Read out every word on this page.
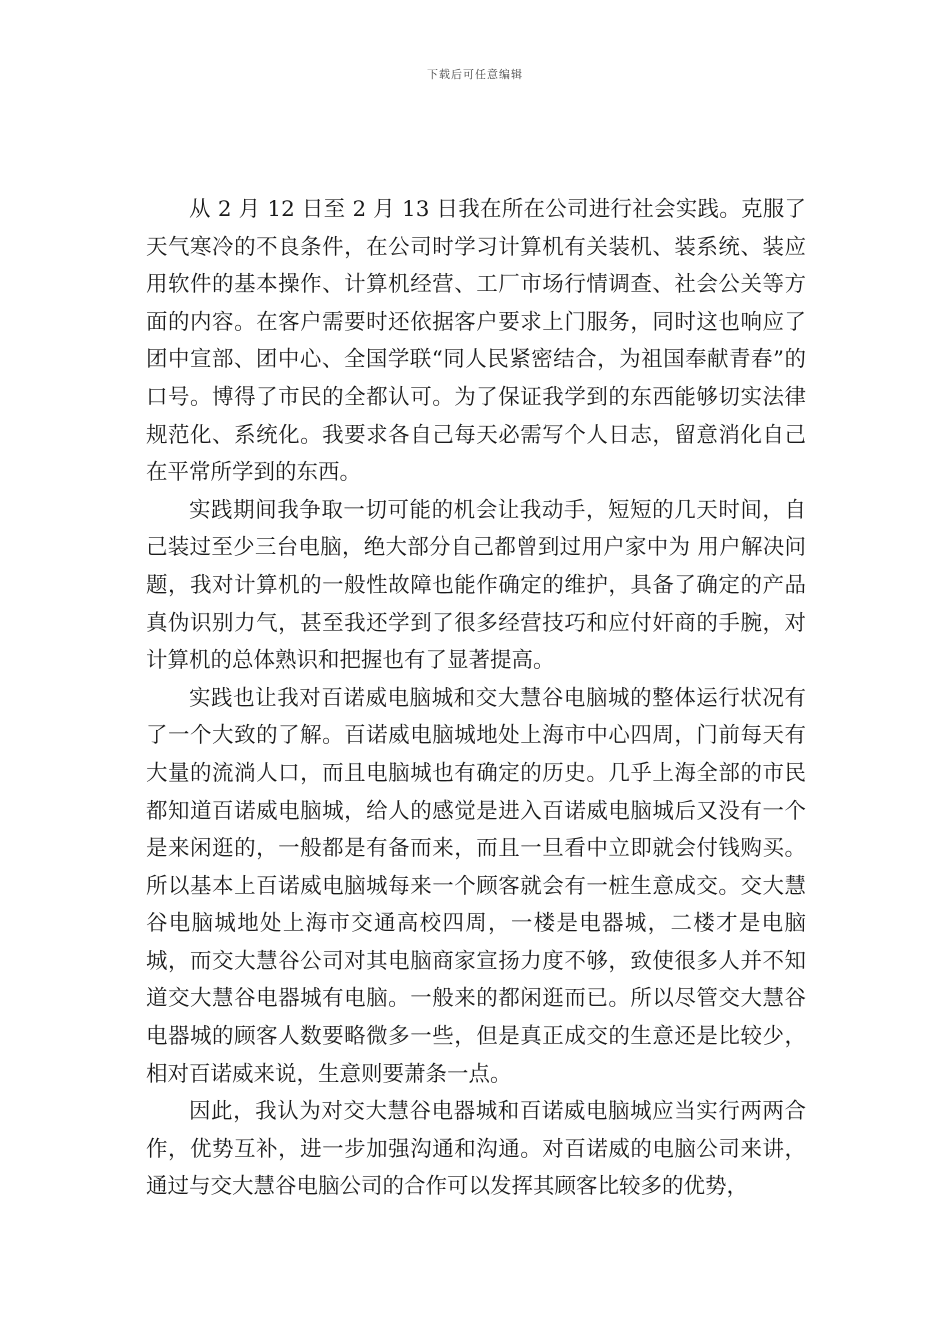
下载后可任意编辑

从 2 月 12 日至 2 月 13 日我在所在公司进行社会实践。克服了天气寒冷的不良条件，在公司时学习计算机有关装机、装系统、装应用软件的基本操作、计算机经营、工厂市场行情调查、社会公关等方面的内容。在客户需要时还依据客户要求上门服务，同时这也响应了团中宣部、团中心、全国学联“同人民紧密结合，为祖国奉献青春”的口号。博得了市民的全都认可。为了保证我学到的东西能够切实法律规范化、系统化。我要求各自己每天必需写个人日志，留意消化自己在平常所学到的东西。

实践期间我争取一切可能的机会让我动手，短短的几天时间，自己装过至少三台电脑，绝大部分自己都曾到过用户家中为 用户解决问题，我对计算机的一般性故障也能作确定的维护，具备了确定的产品真伪识别力气，甚至我还学到了很多经营技巧和应付奸商的手腕，对计算机的总体熟识和把握也有了显著提高。

实践也让我对百诺威电脑城和交大慧谷电脑城的整体运行状况有了一个大致的了解。百诺威电脑城地处上海市中心四周，门前每天有大量的流淌人口，而且电脑城也有确定的历史。几乎上海全部的市民都知道百诺威电脑城，给人的感觉是进入百诺威电脑城后又没有一个是来闲逛的，一般都是有备而来，而且一旦看中立即就会付钱购买。所以基本上百诺威电脑城每来一个顾客就会有一桩生意成交。交大慧谷电脑城地处上海市交通高校四周，一楼是电器城，二楼才是电脑城，而交大慧谷公司对其电脑商家宣扬力度不够，致使很多人并不知道交大慧谷电器城有电脑。一般来的都闲逛而已。所以尽管交大慧谷电器城的顾客人数要略微多一些，但是真正成交的生意还是比较少，相对百诺威来说，生意则要萧条一点。

因此，我认为对交大慧谷电器城和百诺威电脑城应当实行两两合作，优势互补，进一步加强沟通和沟通。对百诺威的电脑公司来讲，通过与交大慧谷电脑公司的合作可以发挥其顾客比较多的优势，
